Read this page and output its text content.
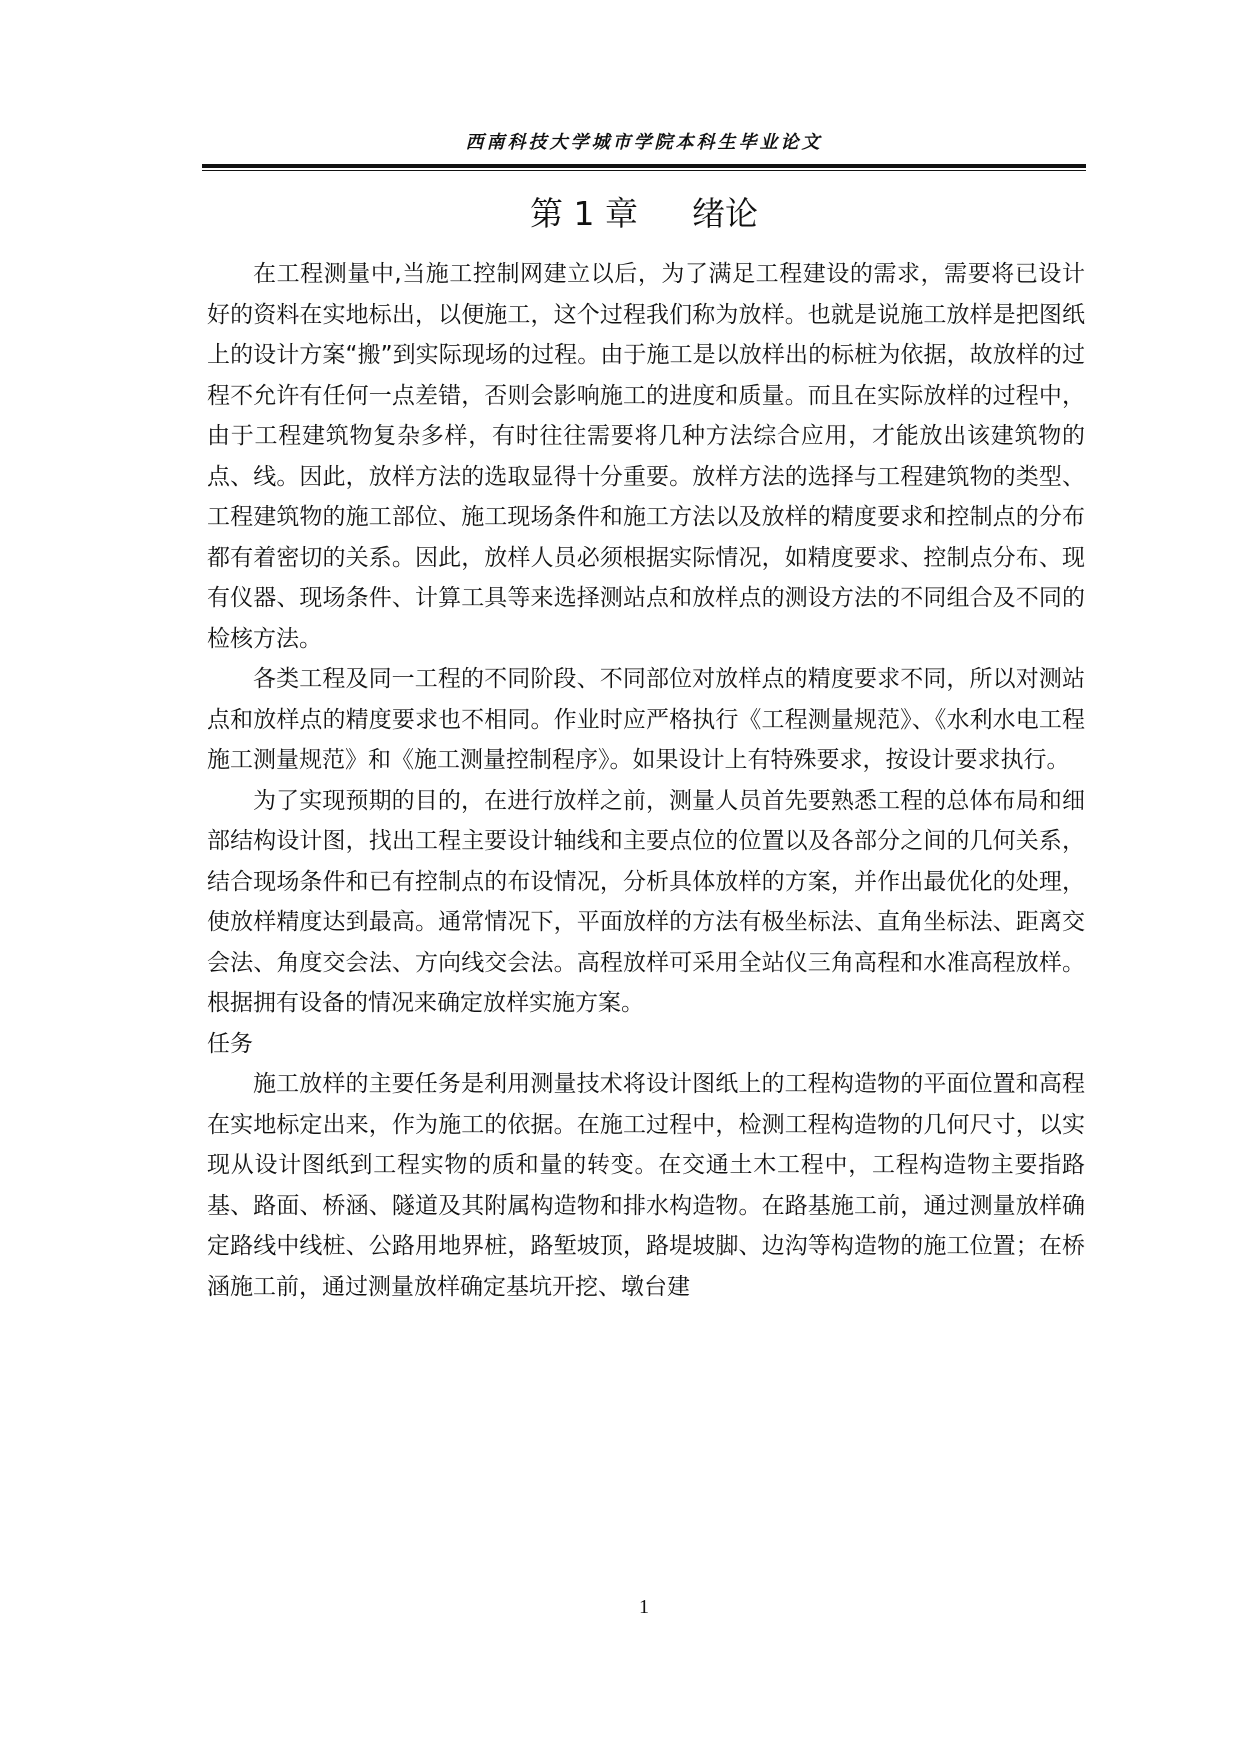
西南科技大学城市学院本科生毕业论文
第 1 章 绪论

在工程测量中,当施工控制网建立以后，为了满足工程建设的需求，需要将已设计好的资料在实地标出，以便施工，这个过程我们称为放样。也就是说施工放样是把图纸上的设计方案“搬”到实际现场的过程。由于施工是以放样出的标桩为依据，故放样的过程不允许有任何一点差错，否则会影响施工的进度和质量。而且在实际放样的过程中，由于工程建筑物复杂多样，有时往往需要将几种方法综合应用，才能放出该建筑物的点、线。因此，放样方法的选取显得十分重要。放样方法的选择与工程建筑物的类型、工程建筑物的施工部位、施工现场条件和施工方法以及放样的精度要求和控制点的分布都有着密切的关系。因此，放样人员必须根据实际情况，如精度要求、控制点分布、现有仪器、现场条件、计算工具等来选择测站点和放样点的测设方法的不同组合及不同的检核方法。

各类工程及同一工程的不同阶段、不同部位对放样点的精度要求不同，所以对测站点和放样点的精度要求也不相同。作业时应严格执行《工程测量规范》、《水利水电工程施工测量规范》和《施工测量控制程序》。如果设计上有特殊要求，按设计要求执行。

为了实现预期的目的，在进行放样之前，测量人员首先要熟悉工程的总体布局和细部结构设计图，找出工程主要设计轴线和主要点位的位置以及各部分之间的几何关系，结合现场条件和已有控制点的布设情况，分析具体放样的方案，并作出最优化的处理，使放样精度达到最高。通常情况下，平面放样的方法有极坐标法、直角坐标法、距离交会法、角度交会法、方向线交会法。高程放样可采用全站仪三角高程和水准高程放样。根据拥有设备的情况来确定放样实施方案。

任务

施工放样的主要任务是利用测量技术将设计图纸上的工程构造物的平面位置和高程在实地标定出来，作为施工的依据。在施工过程中，检测工程构造物的几何尺寸，以实现从设计图纸到工程实物的质和量的转变。在交通土木工程中，工程构造物主要指路基、路面、桥涵、隧道及其附属构造物和排水构造物。在路基施工前，通过测量放样确定路线中线桩、公路用地界桩，路堑坡顶，路堤坡脚、边沟等构造物的施工位置；在桥涵施工前，通过测量放样确定基坑开挖、墩台建

1
